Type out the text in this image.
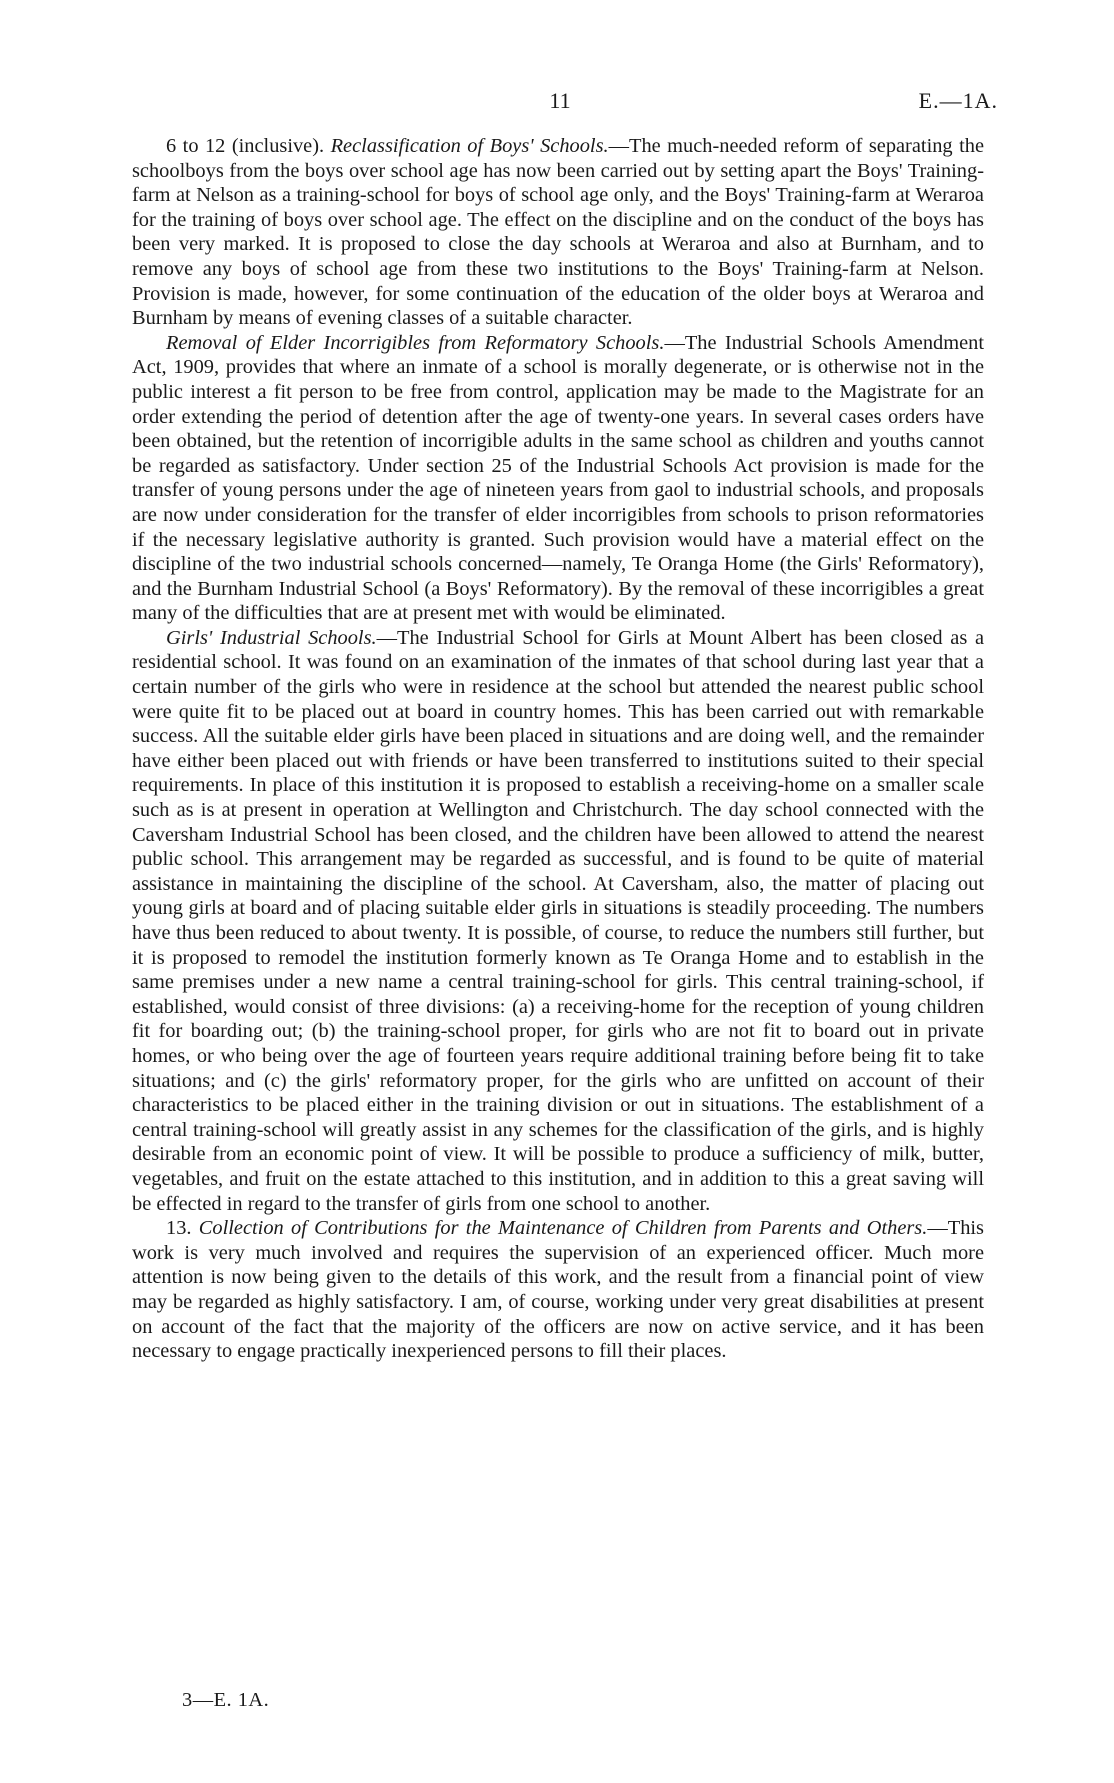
11	E.—1A.

6 to 12 (inclusive). Reclassification of Boys' Schools.—The much-needed reform of separating the schoolboys from the boys over school age has now been carried out by setting apart the Boys' Training-farm at Nelson as a training-school for boys of school age only, and the Boys' Training-farm at Weraroa for the training of boys over school age. The effect on the discipline and on the conduct of the boys has been very marked. It is proposed to close the day schools at Weraroa and also at Burnham, and to remove any boys of school age from these two institutions to the Boys' Training-farm at Nelson. Provision is made, however, for some continuation of the education of the older boys at Weraroa and Burnham by means of evening classes of a suitable character.

Removal of Elder Incorrigibles from Reformatory Schools.—The Industrial Schools Amendment Act, 1909, provides that where an inmate of a school is morally degenerate, or is otherwise not in the public interest a fit person to be free from control, application may be made to the Magistrate for an order extending the period of detention after the age of twenty-one years. In several cases orders have been obtained, but the retention of incorrigible adults in the same school as children and youths cannot be regarded as satisfactory. Under section 25 of the Industrial Schools Act provision is made for the transfer of young persons under the age of nineteen years from gaol to industrial schools, and proposals are now under consideration for the transfer of elder incorrigibles from schools to prison reformatories if the necessary legislative authority is granted. Such provision would have a material effect on the discipline of the two industrial schools concerned—namely, Te Oranga Home (the Girls' Reformatory), and the Burnham Industrial School (a Boys' Reformatory). By the removal of these incorrigibles a great many of the difficulties that are at present met with would be eliminated.

Girls' Industrial Schools.—The Industrial School for Girls at Mount Albert has been closed as a residential school. It was found on an examination of the inmates of that school during last year that a certain number of the girls who were in residence at the school but attended the nearest public school were quite fit to be placed out at board in country homes. This has been carried out with remarkable success. All the suitable elder girls have been placed in situations and are doing well, and the remainder have either been placed out with friends or have been transferred to institutions suited to their special requirements. In place of this institution it is proposed to establish a receiving-home on a smaller scale such as is at present in operation at Wellington and Christchurch. The day school connected with the Caversham Industrial School has been closed, and the children have been allowed to attend the nearest public school. This arrangement may be regarded as successful, and is found to be quite of material assistance in maintaining the discipline of the school. At Caversham, also, the matter of placing out young girls at board and of placing suitable elder girls in situations is steadily proceeding. The numbers have thus been reduced to about twenty. It is possible, of course, to reduce the numbers still further, but it is proposed to remodel the institution formerly known as Te Oranga Home and to establish in the same premises under a new name a central training-school for girls. This central training-school, if established, would consist of three divisions: (a) a receiving-home for the reception of young children fit for boarding out; (b) the training-school proper, for girls who are not fit to board out in private homes, or who being over the age of fourteen years require additional training before being fit to take situations; and (c) the girls' reformatory proper, for the girls who are unfitted on account of their characteristics to be placed either in the training division or out in situations. The establishment of a central training-school will greatly assist in any schemes for the classification of the girls, and is highly desirable from an economic point of view. It will be possible to produce a sufficiency of milk, butter, vegetables, and fruit on the estate attached to this institution, and in addition to this a great saving will be effected in regard to the transfer of girls from one school to another.

13. Collection of Contributions for the Maintenance of Children from Parents and Others.—This work is very much involved and requires the supervision of an experienced officer. Much more attention is now being given to the details of this work, and the result from a financial point of view may be regarded as highly satisfactory. I am, of course, working under very great disabilities at present on account of the fact that the majority of the officers are now on active service, and it has been necessary to engage practically inexperienced persons to fill their places.

3—E. 1A.
